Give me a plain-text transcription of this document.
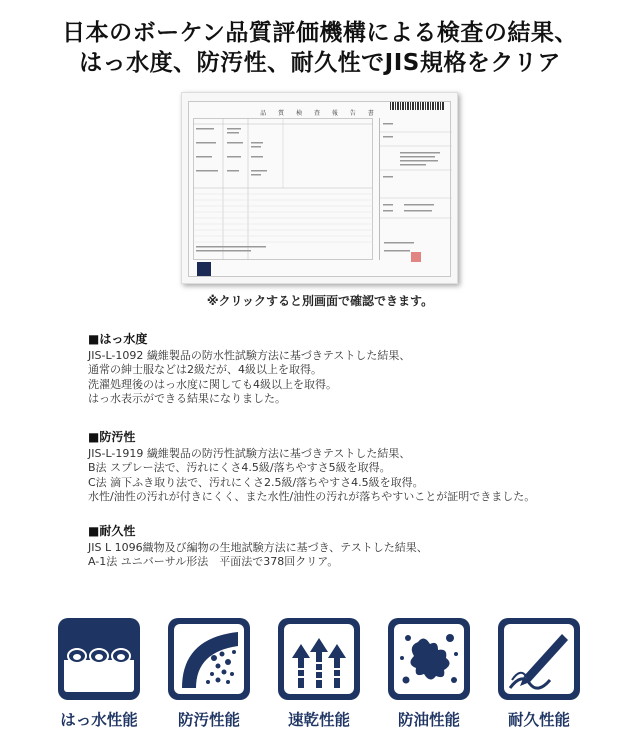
日本のボーケン品質評価機構による検査の結果、
はっ水度、防汚性、耐久性でJIS規格をクリア
品 質 検 査 報 告 書
※クリックすると別画面で確認できます。
■はっ水度
JIS-L-1092 繊維製品の防水性試験方法に基づきテストした結果、
通常の紳士服などは2級だが、4級以上を取得。
洗濯処理後のはっ水度に関しても4級以上を取得。
はっ水表示ができる結果になりました。
■防汚性
JIS-L-1919 繊維製品の防汚性試験方法に基づきテストした結果、
B法 スプレー法で、汚れにくさ4.5級/落ちやすさ5級を取得。
C法 滴下ふき取り法で、汚れにくさ2.5級/落ちやすさ4.5級を取得。
水性/油性の汚れが付きにくく、また水性/油性の汚れが落ちやすいことが証明できました。
■耐久性
JIS L 1096織物及び編物の生地試験方法に基づき、テストした結果、
A-1法 ユニバーサル形法　平面法で378回クリア。
はっ水性能	防汚性能	速乾性能	防油性能	耐久性能
